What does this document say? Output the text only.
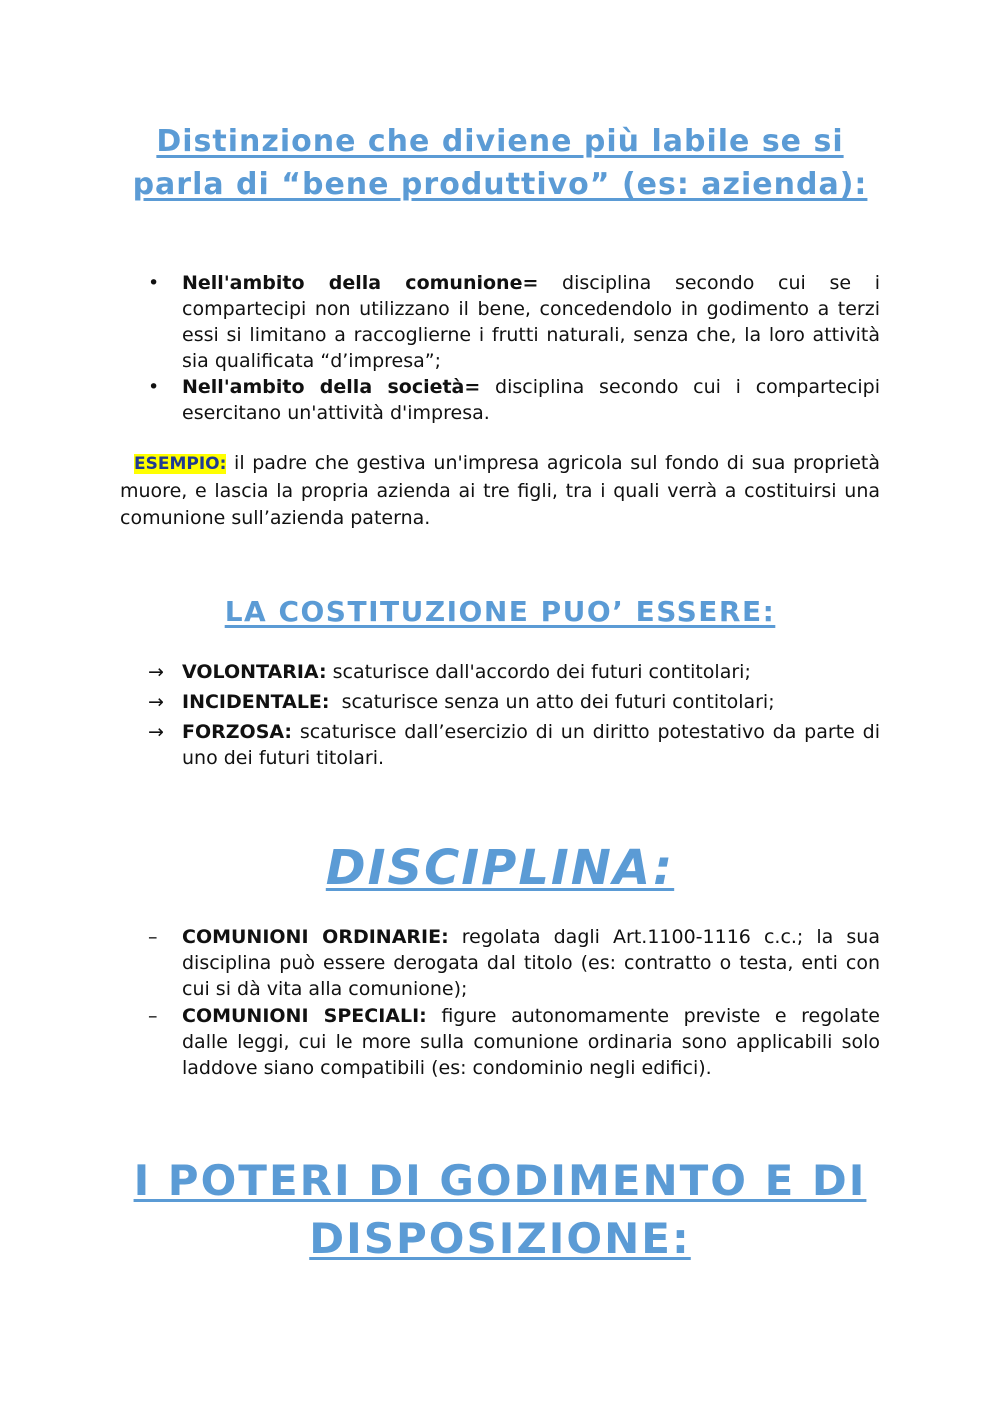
Distinzione che diviene più labile se si parla di “bene produttivo” (es: azienda):
•	Nell'ambito della comunione= disciplina secondo cui se i compartecipi non utilizzano il bene, concedendolo in godimento a terzi essi si limitano a raccoglierne i frutti naturali, senza che, la loro attività sia qualificata “d’impresa”;
•	Nell'ambito della società= disciplina secondo cui i compartecipi esercitano un'attività d'impresa.

ESEMPIO: il padre che gestiva un'impresa agricola sul fondo di sua proprietà muore, e lascia la propria azienda ai tre figli, tra i quali verrà a costituirsi una comunione sull’azienda paterna.

LA COSTITUZIONE PUO’ ESSERE:
→ VOLONTARIA: scaturisce dall'accordo dei futuri contitolari;
→ INCIDENTALE:  scaturisce senza un atto dei futuri contitolari;
→ FORZOSA: scaturisce dall’esercizio di un diritto potestativo da parte di uno dei futuri titolari.
DISCIPLINA:
–	COMUNIONI ORDINARIE: regolata dagli Art.1100-1116 c.c.; la sua disciplina può essere derogata dal titolo (es: contratto o testa, enti con cui si dà vita alla comunione);
–	COMUNIONI SPECIALI: figure autonomamente previste e regolate dalle leggi, cui le more sulla comunione ordinaria sono applicabili solo laddove siano compatibili (es: condominio negli edifici).
I POTERI DI GODIMENTO E DI DISPOSIZIONE:
